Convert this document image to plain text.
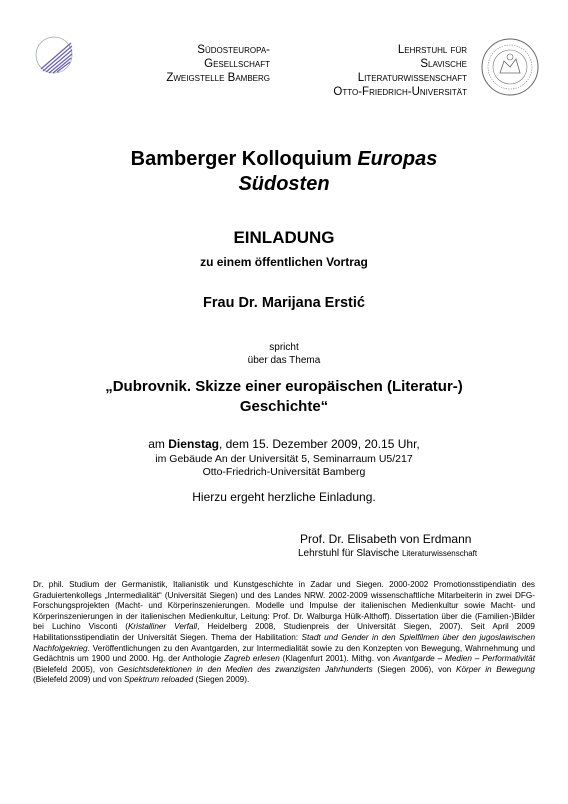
Südosteuropa-
Gesellschaft
Zweigstelle Bamberg
Lehrstuhl für
Slavische
Literaturwissenschaft
Otto-Friedrich-Universität
Bamberger Kolloquium Europas
Südosten
EINLADUNG
zu einem öffentlichen Vortrag
Frau Dr. Marijana Erstić
spricht
über das Thema
„Dubrovnik. Skizze einer europäischen (Literatur-)
Geschichte“
am Dienstag, dem 15. Dezember 2009, 20.15 Uhr,
im Gebäude An der Universität 5, Seminarraum U5/217
Otto-Friedrich-Universität Bamberg
Hierzu ergeht herzliche Einladung.
Prof. Dr. Elisabeth von Erdmann
Lehrstuhl für Slavische Literaturwissenschaft
Dr. phil. Studium der Germanistik, Italianistik und Kunstgeschichte in Zadar und Siegen. 2000-2002 Promotionsstipendiatin des Graduiertenkollegs „Intermedialität“ (Universität Siegen) und des Landes NRW. 2002-2009 wissenschaftliche Mitarbeiterin in zwei DFG-Forschungsprojekten (Macht- und Körperinszenierungen. Modelle und Impulse der italienischen Medienkultur sowie Macht- und Körperinszenierungen in der italienischen Medienkultur, Leitung: Prof. Dr. Walburga Hülk-Althoff). Dissertation über die (Familien-)Bilder bei Luchino Visconti (Kristalliner Verfall, Heidelberg 2008, Studienpreis der Universität Siegen, 2007). Seit April 2009 Habilitationsstipendiatin der Universität Siegen. Thema der Habilitation: Stadt und Gender in den Spielfilmen über den jugoslawischen Nachfolgekrieg. Veröffentlichungen zu den Avantgarden, zur Intermedialität sowie zu den Konzepten von Bewegung, Wahrnehmung und Gedächtnis um 1900 und 2000. Hg. der Anthologie Zagreb erlesen (Klagenfurt 2001). Mithg. von Avantgarde – Medien – Performativität (Bielefeld 2005), von Gesichtsdetektionen in den Medien des zwanzigsten Jahrhunderts (Siegen 2006), von Körper in Bewegung (Bielefeld 2009) und von Spektrum reloaded (Siegen 2009).
